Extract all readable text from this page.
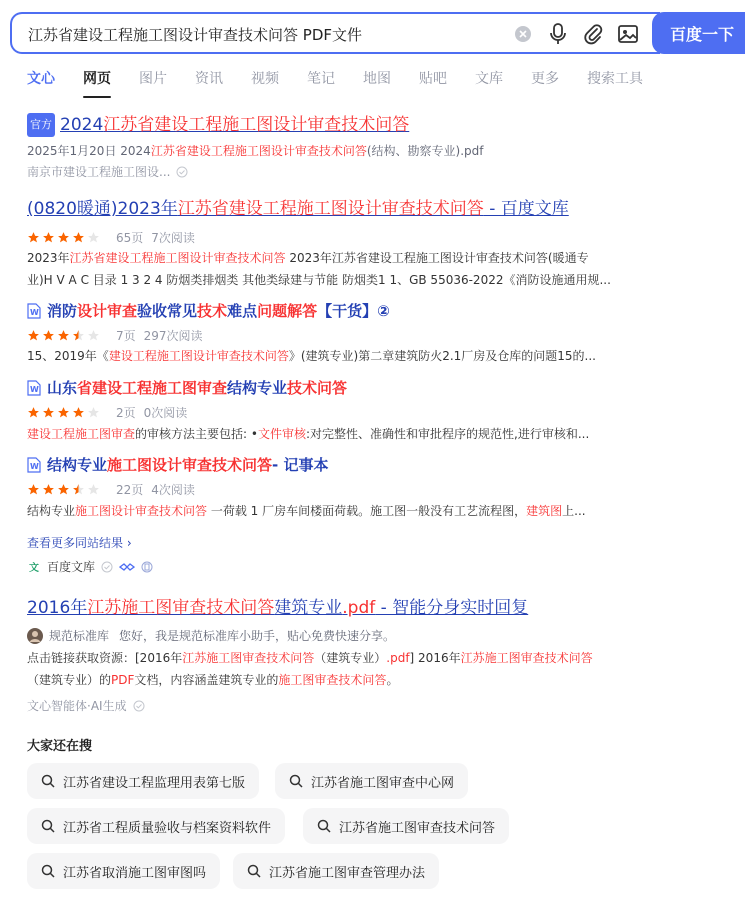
江苏省建设工程施工图设计审查技术问答 PDF文件	百度一下
文心 网页 图片 资讯 视频 笔记 地图 贴吧 文库 更多 搜索工具
官方 2024江苏省建设工程施工图设计审查技术问答
2025年1月20日 2024江苏省建设工程施工图设计审查技术问答(结构、勘察专业).pdf
南京市建设工程施工图设...
(0820暖通)2023年江苏省建设工程施工图设计审查技术问答 - 百度文库
65页 7次阅读
2023年江苏省建设工程施工图设计审查技术问答 2023年江苏省建设工程施工图设计审查技术问答(暖通专
业)H V A C 目录 1 3 2 4 防烟类排烟类 其他类绿建与节能 防烟类1 1、GB 55036-2022《消防设施通用规...
W 消防 设计审查 验收常见 技术 难点 问题解答 【干货】②
7页 297次阅读
15、2019年《建设工程施工图设计审查技术问答》(建筑专业)第二章建筑防火2.1厂房及仓库的问题15的...
W 山东 省建设工程施工图审查 结构专业 技术问答
2页 0次阅读
建设工程施工图审查的审核方法主要包括: •文件审核:对完整性、准确性和审批程序的规范性,进行审核和...
W 结构专业 施工图设计审查技术问答 - 记事本
22页 4次阅读
结构专业施工图设计审查技术问答 一荷载 1 厂房车间楼面荷载。施工图一般没有工艺流程图，建筑图上...
查看更多同站结果 ›
文 百度文库
2016年江苏施工图审查技术问答建筑专业.pdf - 智能分身实时回复
规范标准库 您好，我是规范标准库小助手，贴心免费快速分享。
点击链接获取资源：[2016年江苏施工图审查技术问答（建筑专业）.pdf] 2016年江苏施工图审查技术问答
（建筑专业）的PDF文档，内容涵盖建筑专业的施工图审查技术问答。
文心智能体·AI生成
大家还在搜
江苏省建设工程监理用表第七版	江苏省施工图审查中心网
江苏省工程质量验收与档案资料软件	江苏省施工图审查技术问答
江苏省取消施工图审图吗	江苏省施工图审查管理办法
